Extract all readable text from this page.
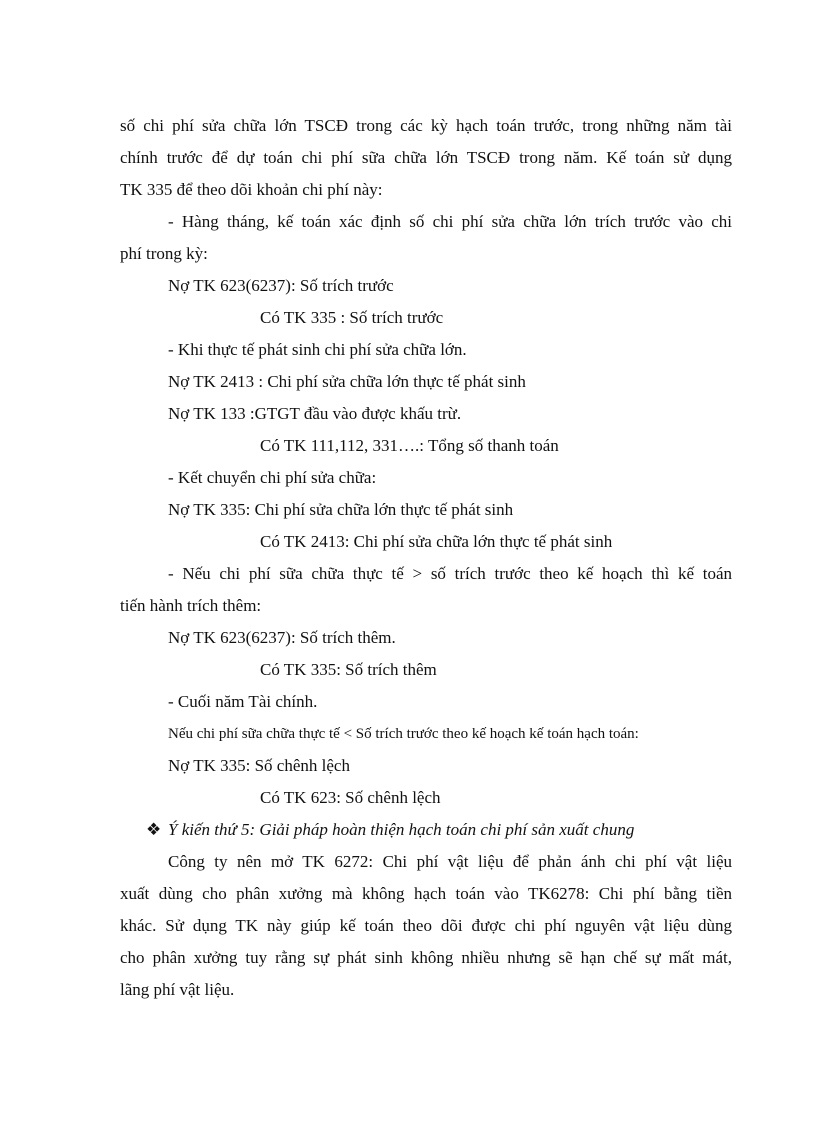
số chi phí sửa chữa lớn TSCĐ trong các kỳ hạch toán trước, trong những năm tài
chính trước để dự toán chi phí sữa chữa lớn TSCĐ trong năm. Kế toán sử dụng
TK 335 để theo dõi khoản chi phí này:
- Hàng tháng, kế toán xác định số chi phí sửa chữa lớn trích trước vào chi
phí trong kỳ:
Nợ TK 623(6237): Số trích trước
Có TK 335 : Số trích trước
- Khi thực tế phát sinh chi phí sửa chữa lớn.
Nợ TK 2413 : Chi phí sửa chữa lớn thực tế phát sinh
Nợ TK 133 :GTGT đầu vào được khấu trừ.
Có TK 111,112, 331….: Tổng số thanh toán
- Kết chuyển chi phí sửa chữa:
Nợ TK 335: Chi phí sửa chữa lớn thực tế phát sinh
Có TK 2413: Chi phí sửa chữa lớn thực tế phát sinh
- Nếu chi phí sữa chữa thực tế > số trích trước theo kế hoạch thì kế toán
tiến hành trích thêm:
Nợ TK 623(6237): Số trích thêm.
Có TK 335: Số trích thêm
- Cuối năm Tài chính.
Nếu chi phí sữa chữa thực tế < Số trích trước theo kế hoạch kế toán hạch toán:
Nợ TK 335: Số chênh lệch
Có TK 623: Số chênh lệch
❖ Ý kiến thứ 5: Giải pháp hoàn thiện hạch toán chi phí sản xuất chung
Công ty nên mở TK 6272: Chi phí vật liệu để phản ánh chi phí vật liệu
xuất dùng cho phân xưởng mà không hạch toán vào TK6278: Chi phí bằng tiền
khác. Sử dụng TK này giúp kế toán theo dõi được chi phí nguyên vật liệu dùng
cho phân xưởng tuy rằng sự phát sinh không nhiều nhưng sẽ hạn chế sự mất mát,
lãng phí vật liệu.
